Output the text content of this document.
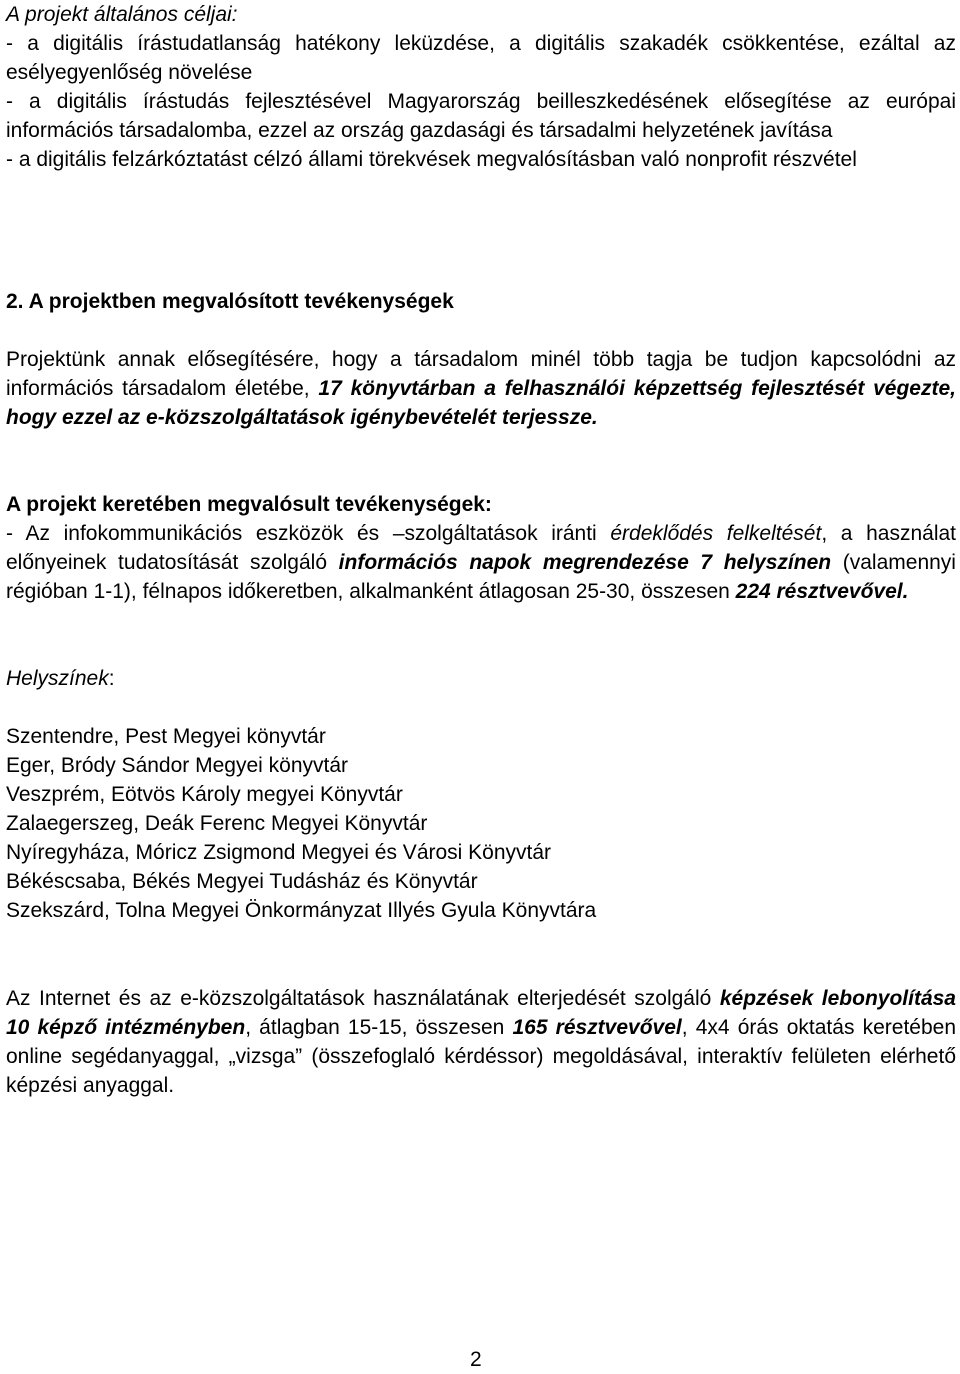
A projekt általános céljai:
- a digitális írástudatlanság hatékony leküzdése, a digitális szakadék csökkentése, ezáltal az esélyegyenlőség növelése
- a digitális írástudás fejlesztésével Magyarország beilleszkedésének elősegítése az európai információs társadalomba, ezzel az ország gazdasági és társadalmi helyzetének javítása
- a digitális felzárkóztatást célzó állami törekvések megvalósításban való nonprofit részvétel
2. A projektben megvalósított tevékenységek
Projektünk annak elősegítésére, hogy a társadalom minél több tagja be tudjon kapcsolódni az információs társadalom életébe, 17 könyvtárban a felhasználói képzettség fejlesztését végezte, hogy ezzel az e-közszolgáltatások igénybevételét terjessze.
A projekt keretében megvalósult tevékenységek:
- Az infokommunikációs eszközök és –szolgáltatások iránti érdeklődés felkeltését, a használat előnyeinek tudatosítását szolgáló információs napok megrendezése 7 helyszínen (valamennyi régióban 1-1), félnapos időkeretben, alkalmanként átlagosan 25-30, összesen 224 résztvevővel.
Helyszínek:
Szentendre, Pest Megyei könyvtár
Eger, Bródy Sándor Megyei könyvtár
Veszprém, Eötvös Károly megyei Könyvtár
Zalaegerszeg, Deák Ferenc Megyei Könyvtár
Nyíregyháza, Móricz Zsigmond Megyei és Városi Könyvtár
Békéscsaba, Békés Megyei Tudásház és Könyvtár
Szekszárd, Tolna Megyei Önkormányzat Illyés Gyula Könyvtára
Az Internet és az e-közszolgáltatások használatának elterjedését szolgáló képzések lebonyolítása 10 képző intézményben, átlagban 15-15, összesen 165 résztvevővel, 4x4 órás oktatás keretében online segédanyaggal, „vizsga” (összefoglaló kérdéssor) megoldásával, interaktív felületen elérhető képzési anyaggal.
2
